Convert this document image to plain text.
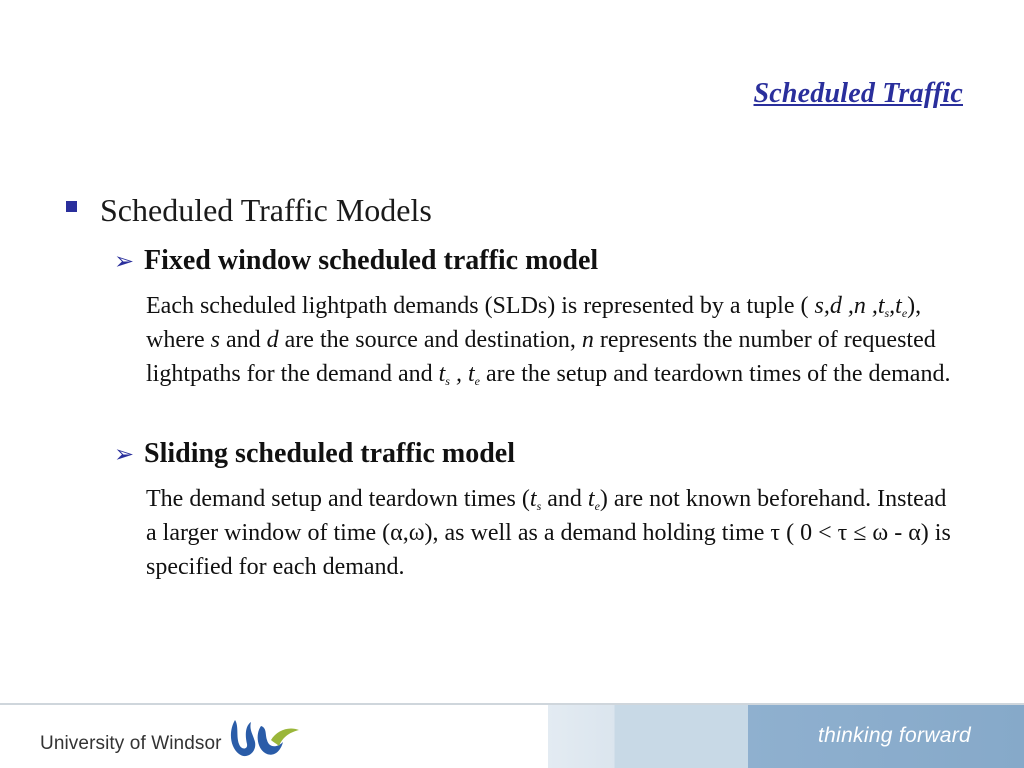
Scheduled Traffic
Scheduled Traffic Models
➢ Fixed window scheduled traffic model
Each scheduled lightpath demands (SLDs) is represented by a tuple ( s,d ,n $,t_s,t_e$), where s and d are the source and destination, n represents the number of requested lightpaths for the demand and $t_s$ , $t_e$ are the setup and teardown times of the demand.
➢ Sliding scheduled traffic model
The demand setup and teardown times ($t_s$ and $t_e$) are not known beforehand. Instead a larger window of time (α,ω), as well as a demand holding time τ ( 0 < τ ≤ ω - α) is specified for each demand.
University of Windsor	thinking forward
